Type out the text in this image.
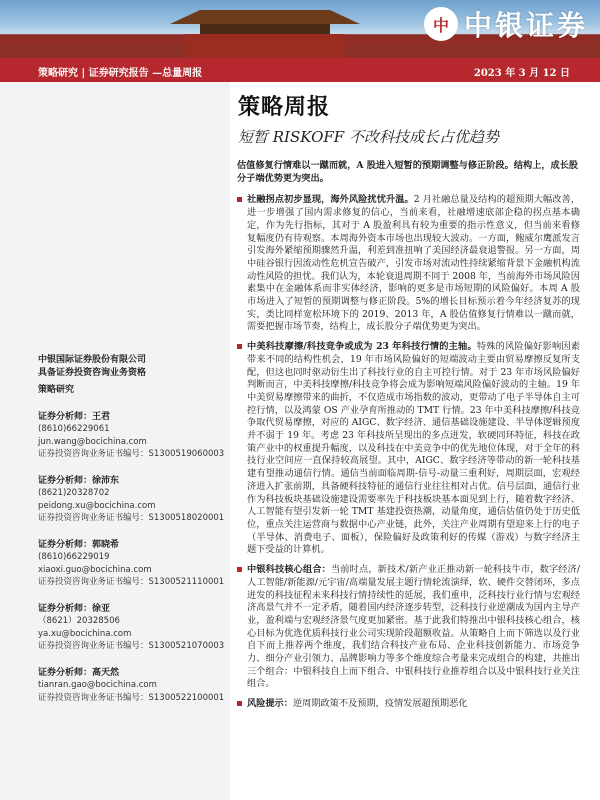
中 中银证券
策略研究 | 证券研究报告 —总量周报	2023 年 3 月 12 日
中银国际证券股份有限公司
具备证券投资咨询业务资格
策略研究
证券分析师：王君
(8610)66229061
jun.wang@bocichina.com
证券投资咨询业务证书编号：S1300519060003
证券分析师：徐沛东
(8621)20328702
peidong.xu@bocichina.com
证券投资咨询业务证书编号：S1300518020001
证券分析师：郭晓希
(8610)66229019
xiaoxi.guo@bocichina.com
证券投资咨询业务证书编号：S1300521110001
证券分析师：徐亚
（8621）20328506
ya.xu@bocichina.com
证券投资咨询业务证书编号：S1300521070003
证券分析师：高天然
tianran.gao@bocichina.com
证券投资咨询业务证书编号：S1300522100001
策略周报
短暂 RISKOFF 不改科技成长占优趋势
估值修复行情难以一蹴而就，A 股进入短暂的预期调整与修正阶段。结构上，成长股分子端优势更为突出。
社融拐点初步显现，海外风险扰忧升温。2 月社融总量及结构的超预期大幅改善，进一步增强了国内需求修复的信心，当前来看，社融增速底部企稳的拐点基本确定，作为先行指标，其对于 A 股盈利具有较为重要的指示性意义，但当前来看修复幅度仍有待观察。本周海外资本市场也出现较大波动。一方面，鲍威尔鹰派发言引发海外紧缩预期骤然升温，利差到准扭响了美国经济最衰退警报。另一方面，周中硅谷银行因流动性危机宣告破产，引发市场对流动性持续紧缩背景下金融机构流动性风险的担忧。我们认为，本轮衰退周期不同于 2008 年，当前海外市场风险因素集中在金融体系而非实体经济，影响的更多是市场短期的风险偏好。本周 A 股市场进入了短暂的预期调整与修正阶段。5%的增长目标预示着今年经济复苏的现实，类比同样宽松环境下的 2019、2013 年，A 股估值修复行情难以一蹴而就，需要把握市场节奏，结构上，成长股分子端优势更为突出。
中美科技摩擦/科技竞争或成为 23 年科技行情的主轴。特殊的风险偏好影响因素带来不同的结构性机会，19 年市场风险偏好的短端波动主要由贸易摩擦反复所支配，但这也同时驱动衍生出了科技行业的自主可控行情。对于 23 年市场风险偏好判断而言，中美科技摩擦/科技竞争将会成为影响短端风险偏好波动的主轴。19 年中美贸易摩擦带来的曲折，不仅造成市场指数的波动，更带动了电子半导体自主可控行情，以及鸿蒙 OS 产业孕育所推动的 TMT 行情。23 年中美科技摩擦/科技竞争取代贸易摩擦，对应的 AIGC、数字经济、通信基础设施建设、半导体逻辑预度并不弱于 19 年。考虑 23 年科技所呈现出的多点迸发，软硬同环特征，科技在政策产业中的权重提升幅度，以及科技在中美竞争中的优先地位体现，对于全年的科技行业空间应一直保持较高展望。其中，AIGC、数字经济等带动的新一轮科技基建有望推动通信行情。通信当前面临周期-信号-动量三重利好，周期层面，宏观经济进入扩张前期，具备硬科技特征的通信行业往往相对占优。信号层面，通信行业作为科技板块基础设施建设需要率先于科技板块基本面见到上行，随着数字经济、人工智能有望引发新一轮 TMT 基建投资热潮，动量角度，通信估值仍处于历史低位，重点关注运营商与数据中心产业链，此外，关注产业周期有望迎来上行的电子（半导体、消费电子、面板），保险偏好及政策利好的传媒（游戏）与数字经济主题下受益的计算机。
中银科技核心组合：当前时点，新技术/新产业正推动新一轮科技牛市，数字经济/人工智能/新能源/元宇宙/高端量发展主题行情轮流演绎，软、硬件交替闭环，多点迸发的科技征程未来科技行情持续性的延展，我们重申，泛科技行业行情与宏观经济高景气并不一定矛盾，随着国内经济逐步转型，泛科技行业逆潮成为国内主导产业，盈利端与宏观经济景气度更加紧密。基于此我们特推出中银科技核心组合，核心目标为优选优质科技行业公司实现阶段超额收益。从策略自上而下筛选以及行业自下而上推荐两个维度，我们结合科技产业布局、企业科技创新能力、市场竞争力、细分产业引领力、品牌影响力等多个维度综合考量来完成组合的构建，共推出三个组合：中银科技自上而下组合、中银科技行业推荐组合以及中银科技行业关注组合。
风险提示：逆周期政策不及预期，疫情发展超预期恶化
